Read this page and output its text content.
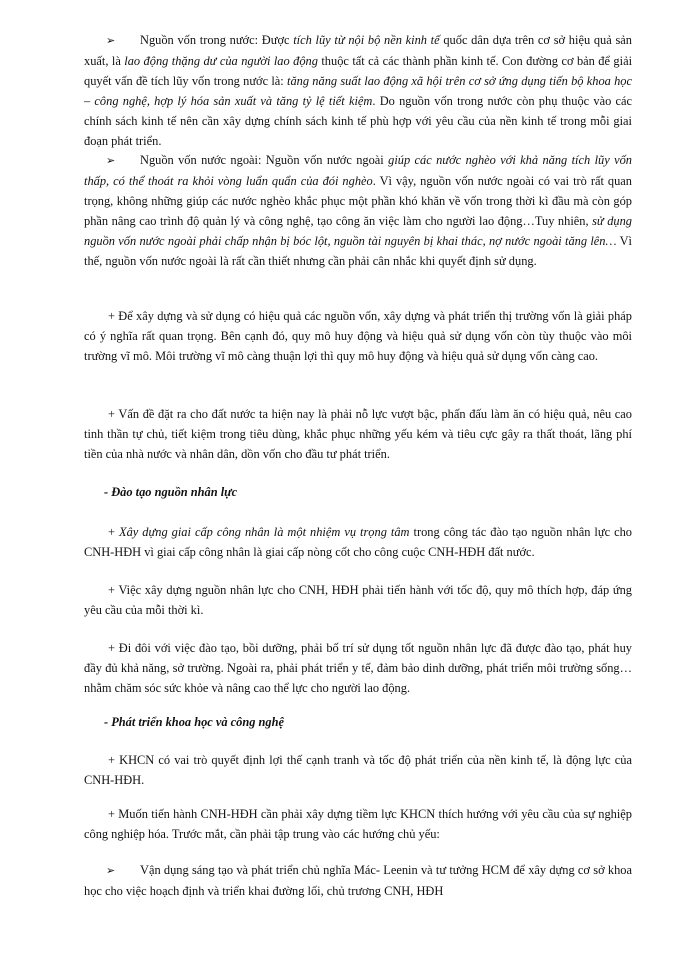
➢ Nguồn vốn trong nước: Được tích lũy từ nội bộ nền kinh tế quốc dân dựa trên cơ sở hiệu quả sản xuất, là lao động thặng dư của người lao động thuộc tất cả các thành phần kinh tế. Con đường cơ bản để giải quyết vấn đề tích lũy vốn trong nước là: tăng năng suất lao động xã hội trên cơ sở ứng dụng tiến bộ khoa học – công nghệ, hợp lý hóa sản xuất và tăng tỷ lệ tiết kiệm. Do nguồn vốn trong nước còn phụ thuộc vào các chính sách kinh tế nên cần xây dựng chính sách kinh tế phù hợp với yêu cầu của nền kinh tế trong mỗi giai đoạn phát triển.

➢ Nguồn vốn nước ngoài: Nguồn vốn nước ngoài giúp các nước nghèo với khả năng tích lũy vốn thấp, có thể thoát ra khỏi vòng luẩn quẩn của đói nghèo. Vì vậy, nguồn vốn nước ngoài có vai trò rất quan trọng, không những giúp các nước nghèo khắc phục một phần khó khăn về vốn trong thời kì đầu mà còn góp phần nâng cao trình độ quản lý và công nghệ, tạo công ăn việc làm cho người lao động…Tuy nhiên, sử dụng nguồn vốn nước ngoài phải chấp nhận bị bóc lột, nguồn tài nguyên bị khai thác, nợ nước ngoài tăng lên… Vì thế, nguồn vốn nước ngoài là rất cần thiết nhưng cần phải cân nhắc khi quyết định sử dụng.

+ Để xây dựng và sử dụng có hiệu quả các nguồn vốn, xây dựng và phát triển thị trường vốn là giải pháp có ý nghĩa rất quan trọng. Bên cạnh đó, quy mô huy động và hiệu quả sử dụng vốn còn tùy thuộc vào môi trường vĩ mô. Môi trường vĩ mô càng thuận lợi thì quy mô huy động và hiệu quả sử dụng vốn càng cao.

+ Vấn đề đặt ra cho đất nước ta hiện nay là phải nỗ lực vượt bậc, phấn đấu làm ăn có hiệu quả, nêu cao tinh thần tự chủ, tiết kiệm trong tiêu dùng, khắc phục những yếu kém và tiêu cực gây ra thất thoát, lãng phí tiền của nhà nước và nhân dân, dồn vốn cho đầu tư phát triển.

- Đào tạo nguồn nhân lực

+ Xây dựng giai cấp công nhân là một nhiệm vụ trọng tâm trong công tác đào tạo nguồn nhân lực cho CNH-HĐH vì giai cấp công nhân là giai cấp nòng cốt cho công cuộc CNH-HĐH đất nước.

+ Việc xây dựng nguồn nhân lực cho CNH, HĐH phải tiến hành với tốc độ, quy mô thích hợp, đáp ứng yêu cầu của mỗi thời kì.

+ Đi đôi với việc đào tạo, bồi dưỡng, phải bố trí sử dụng tốt nguồn nhân lực đã được đào tạo, phát huy đầy đủ khả năng, sở trường. Ngoài ra, phải phát triển y tế, đảm bảo dinh dưỡng, phát triển môi trường sống… nhằm chăm sóc sức khỏe và nâng cao thể lực cho người lao động.

- Phát triển khoa học và công nghệ

+ KHCN có vai trò quyết định lợi thế cạnh tranh và tốc độ phát triển của nền kinh tế, là động lực của CNH-HĐH.

+ Muốn tiến hành CNH-HĐH cần phải xây dựng tiềm lực KHCN thích hướng với yêu cầu của sự nghiệp công nghiệp hóa. Trước mắt, cần phải tập trung vào các hướng chủ yếu:

➢ Vận dụng sáng tạo và phát triển chủ nghĩa Mác- Leenin và tư tưởng HCM để xây dựng cơ sở khoa học cho việc hoạch định và triển khai đường lối, chủ trương CNH, HĐH
